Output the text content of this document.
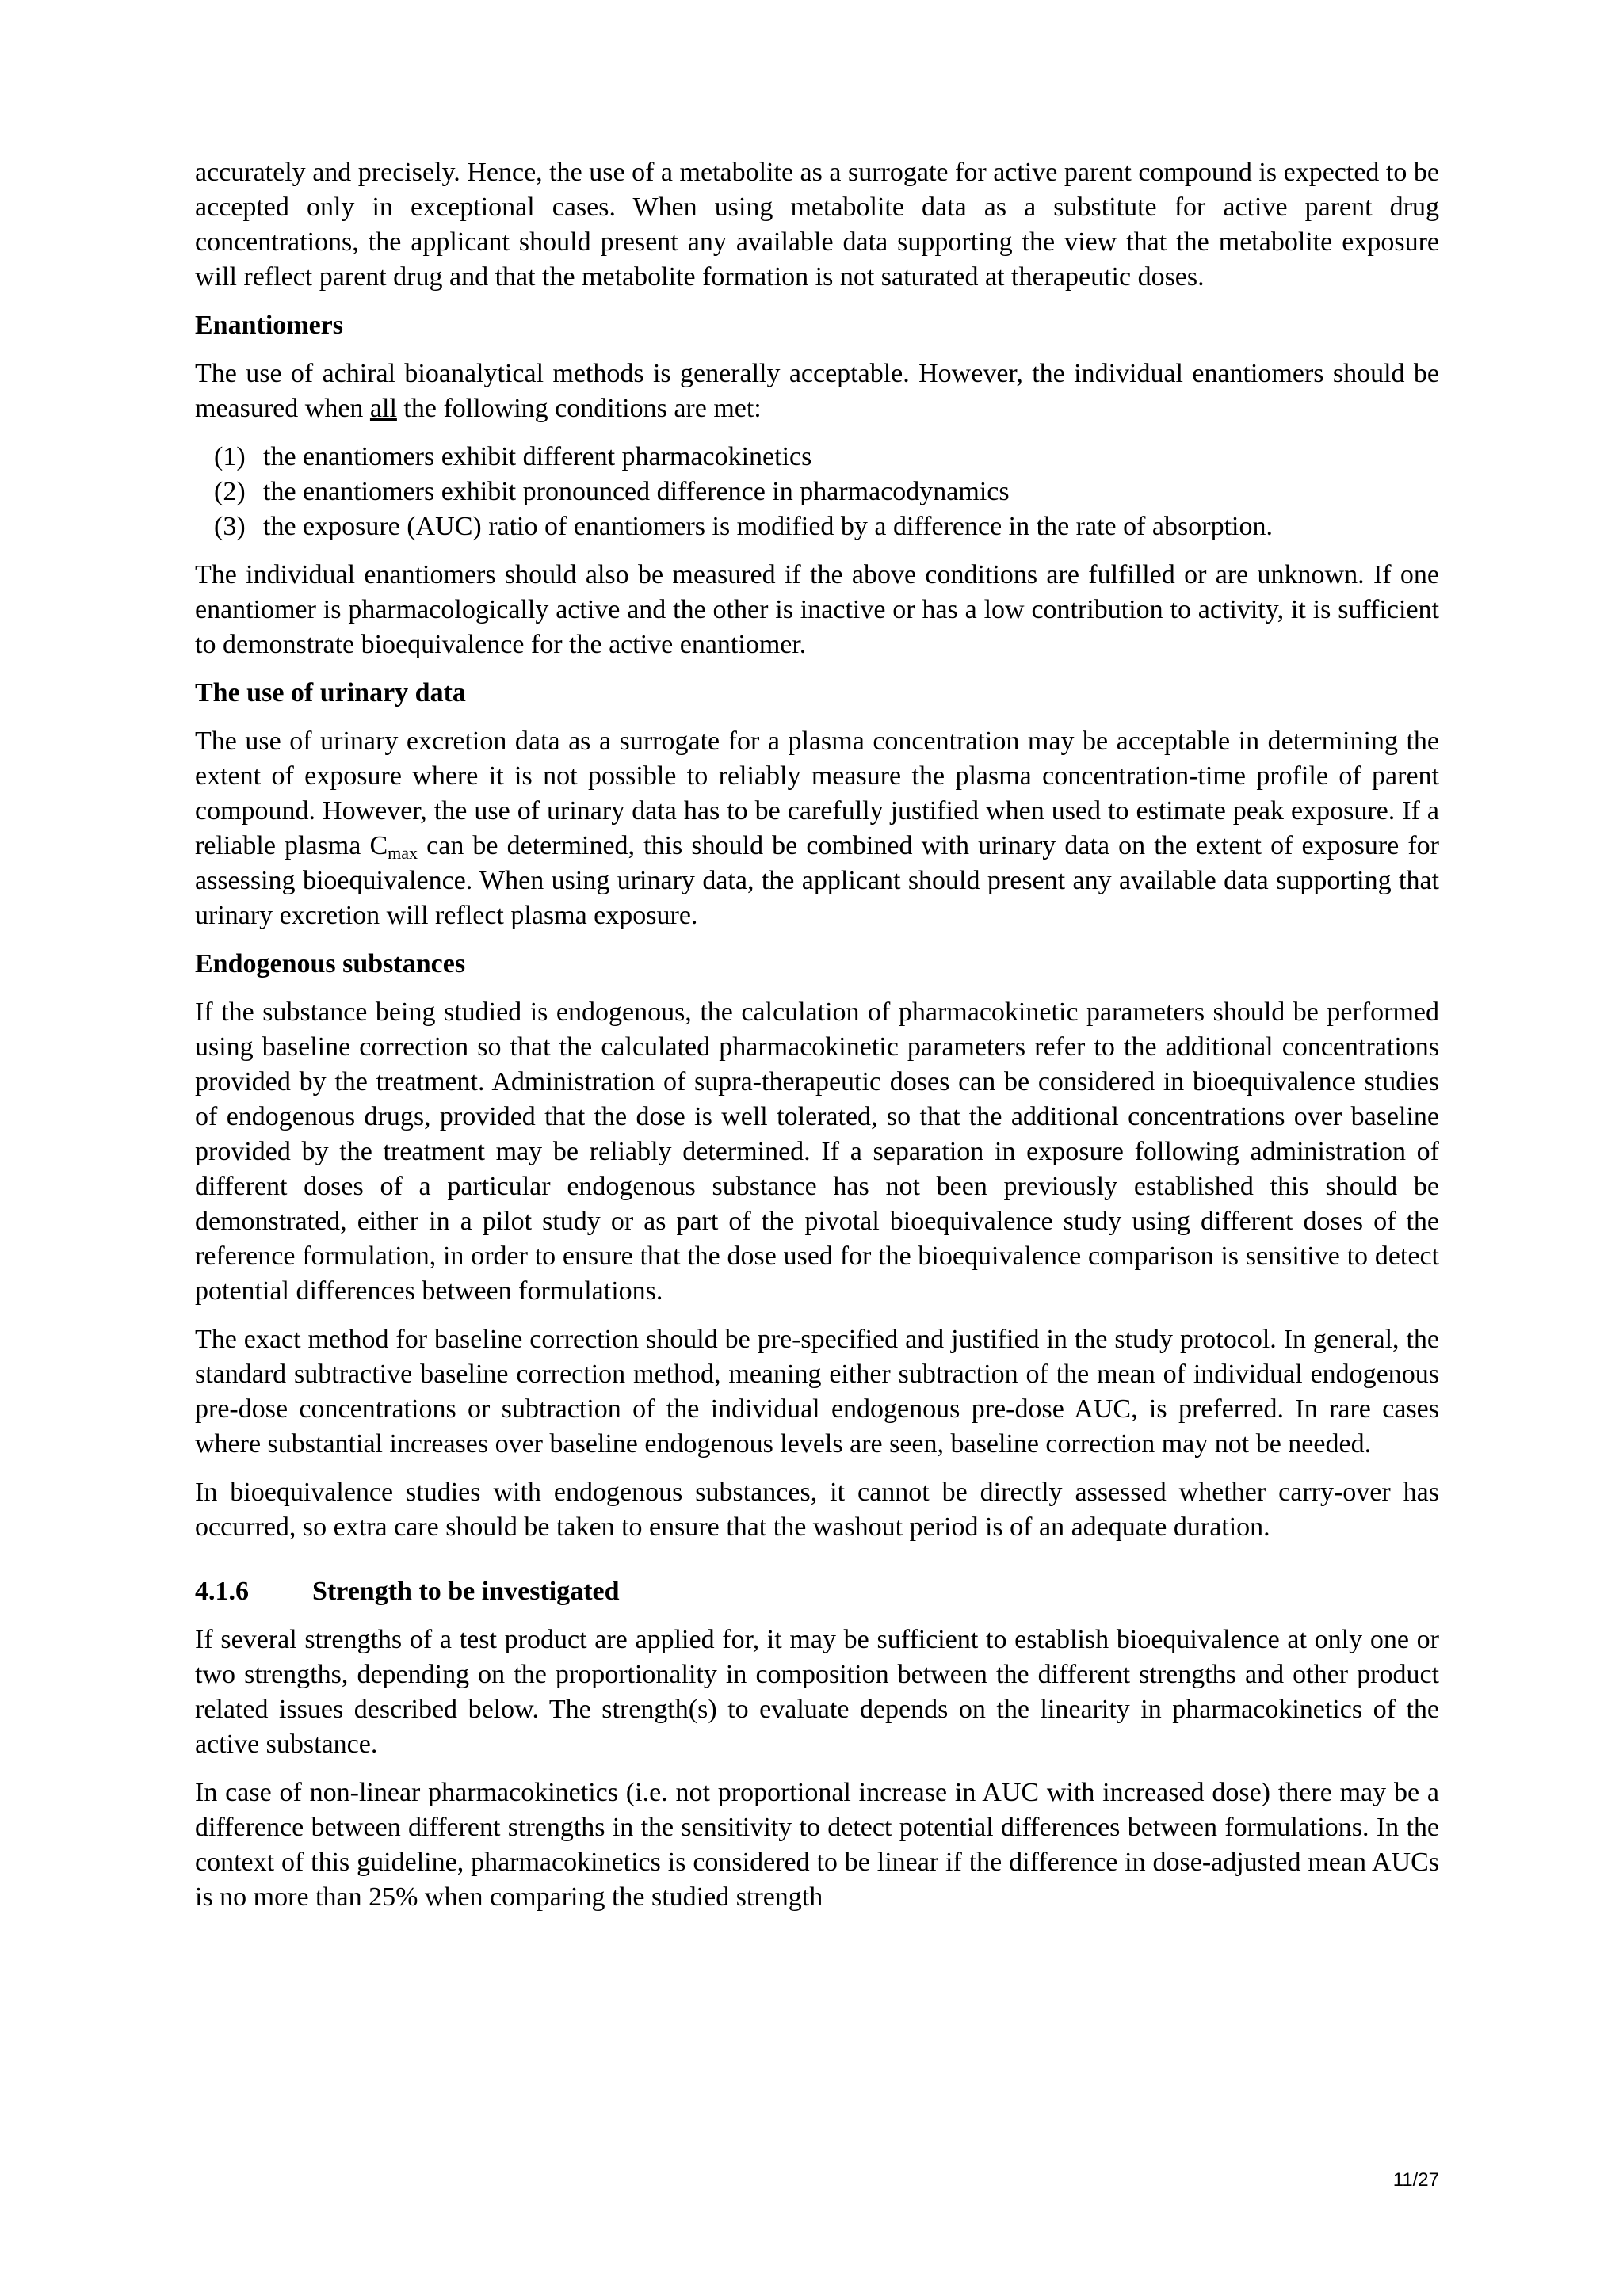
accurately and precisely. Hence, the use of a metabolite as a surrogate for active parent compound is expected to be accepted only in exceptional cases. When using metabolite data as a substitute for active parent drug concentrations, the applicant should present any available data supporting the view that the metabolite exposure will reflect parent drug and that the metabolite formation is not saturated at therapeutic doses.

Enantiomers

The use of achiral bioanalytical methods is generally acceptable. However, the individual enantiomers should be measured when all the following conditions are met:

(1) the enantiomers exhibit different pharmacokinetics
(2) the enantiomers exhibit pronounced difference in pharmacodynamics
(3) the exposure (AUC) ratio of enantiomers is modified by a difference in the rate of absorption.

The individual enantiomers should also be measured if the above conditions are fulfilled or are unknown. If one enantiomer is pharmacologically active and the other is inactive or has a low contribution to activity, it is sufficient to demonstrate bioequivalence for the active enantiomer.

The use of urinary data

The use of urinary excretion data as a surrogate for a plasma concentration may be acceptable in determining the extent of exposure where it is not possible to reliably measure the plasma concentration-time profile of parent compound. However, the use of urinary data has to be carefully justified when used to estimate peak exposure. If a reliable plasma $C_{max}$ can be determined, this should be combined with urinary data on the extent of exposure for assessing bioequivalence. When using urinary data, the applicant should present any available data supporting that urinary excretion will reflect plasma exposure.

Endogenous substances

If the substance being studied is endogenous, the calculation of pharmacokinetic parameters should be performed using baseline correction so that the calculated pharmacokinetic parameters refer to the additional concentrations provided by the treatment. Administration of supra-therapeutic doses can be considered in bioequivalence studies of endogenous drugs, provided that the dose is well tolerated, so that the additional concentrations over baseline provided by the treatment may be reliably determined. If a separation in exposure following administration of different doses of a particular endogenous substance has not been previously established this should be demonstrated, either in a pilot study or as part of the pivotal bioequivalence study using different doses of the reference formulation, in order to ensure that the dose used for the bioequivalence comparison is sensitive to detect potential differences between formulations.

The exact method for baseline correction should be pre-specified and justified in the study protocol. In general, the standard subtractive baseline correction method, meaning either subtraction of the mean of individual endogenous pre-dose concentrations or subtraction of the individual endogenous pre-dose AUC, is preferred. In rare cases where substantial increases over baseline endogenous levels are seen, baseline correction may not be needed.

In bioequivalence studies with endogenous substances, it cannot be directly assessed whether carry-over has occurred, so extra care should be taken to ensure that the washout period is of an adequate duration.

4.1.6 Strength to be investigated

If several strengths of a test product are applied for, it may be sufficient to establish bioequivalence at only one or two strengths, depending on the proportionality in composition between the different strengths and other product related issues described below. The strength(s) to evaluate depends on the linearity in pharmacokinetics of the active substance.

In case of non-linear pharmacokinetics (i.e. not proportional increase in AUC with increased dose) there may be a difference between different strengths in the sensitivity to detect potential differences between formulations. In the context of this guideline, pharmacokinetics is considered to be linear if the difference in dose-adjusted mean AUCs is no more than 25% when comparing the studied strength

11/27
